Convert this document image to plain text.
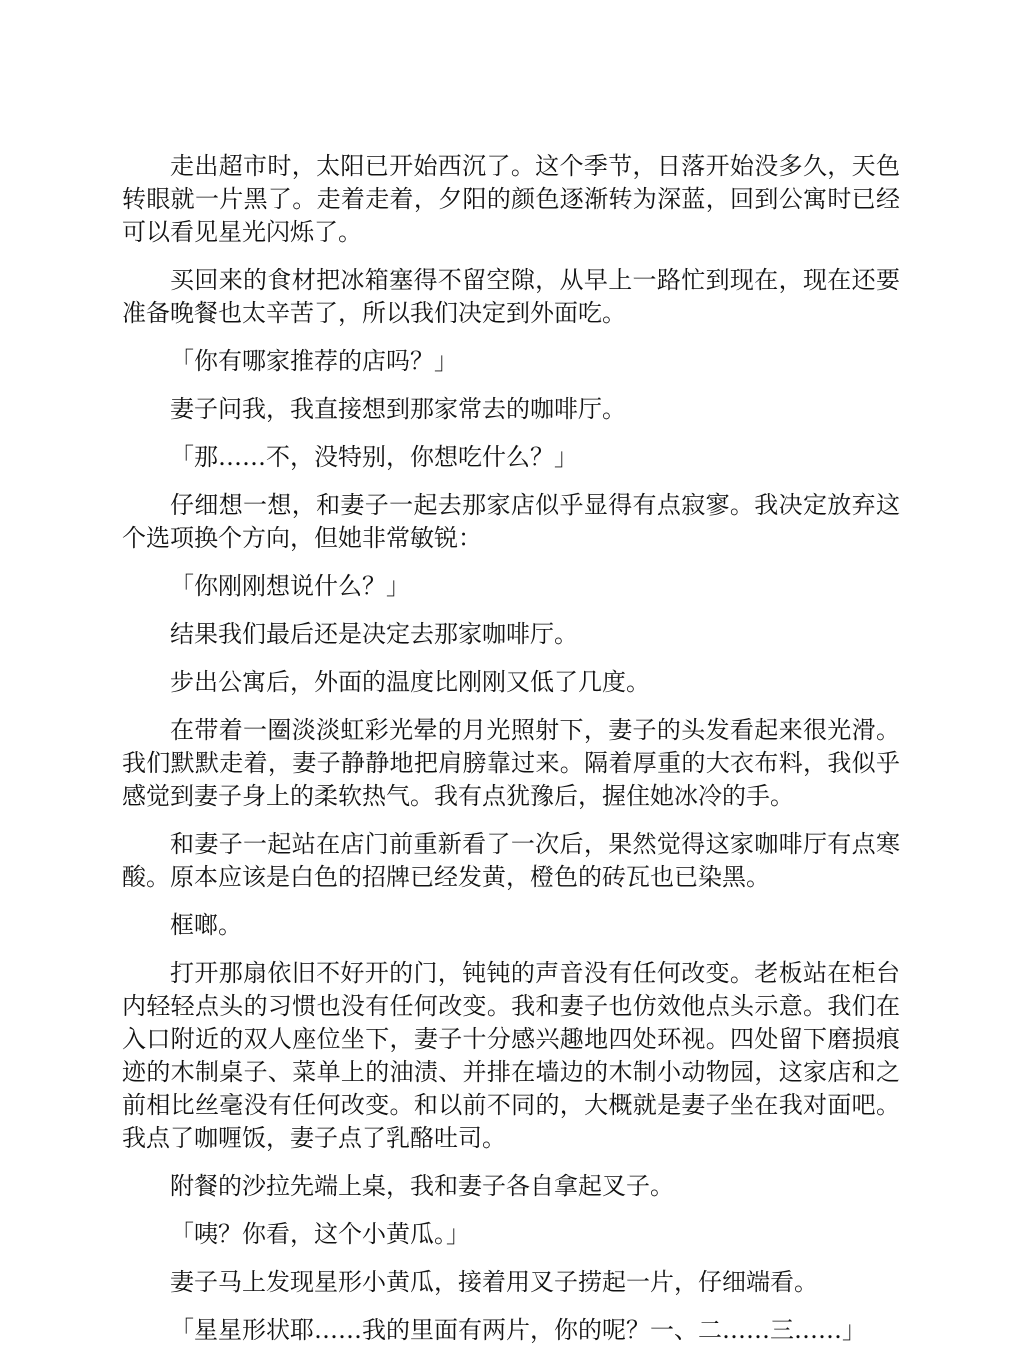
走出超市时，太阳已开始西沉了。这个季节，日落开始没多久，天色转眼就一片黑了。走着走着，夕阳的颜色逐渐转为深蓝，回到公寓时已经可以看见星光闪烁了。

买回来的食材把冰箱塞得不留空隙，从早上一路忙到现在，现在还要准备晚餐也太辛苦了，所以我们决定到外面吃。

「你有哪家推荐的店吗？」

妻子问我，我直接想到那家常去的咖啡厅。

「那……不，没特别，你想吃什么？」

仔细想一想，和妻子一起去那家店似乎显得有点寂寥。我决定放弃这个选项换个方向，但她非常敏锐：

「你刚刚想说什么？」

结果我们最后还是决定去那家咖啡厅。

步出公寓后，外面的温度比刚刚又低了几度。

在带着一圈淡淡虹彩光晕的月光照射下，妻子的头发看起来很光滑。我们默默走着，妻子静静地把肩膀靠过来。隔着厚重的大衣布料，我似乎感觉到妻子身上的柔软热气。我有点犹豫后，握住她冰冷的手。

和妻子一起站在店门前重新看了一次后，果然觉得这家咖啡厅有点寒酸。原本应该是白色的招牌已经发黄，橙色的砖瓦也已染黑。

框啷。

打开那扇依旧不好开的门，钝钝的声音没有任何改变。老板站在柜台内轻轻点头的习惯也没有任何改变。我和妻子也仿效他点头示意。我们在入口附近的双人座位坐下，妻子十分感兴趣地四处环视。四处留下磨损痕迹的木制桌子、菜单上的油渍、并排在墙边的木制小动物园，这家店和之前相比丝毫没有任何改变。和以前不同的，大概就是妻子坐在我对面吧。我点了咖喱饭，妻子点了乳酪吐司。

附餐的沙拉先端上桌，我和妻子各自拿起叉子。

「咦？你看，这个小黄瓜。」

妻子马上发现星形小黄瓜，接着用叉子捞起一片，仔细端看。

「星星形状耶……我的里面有两片，你的呢？一、二……三……」
